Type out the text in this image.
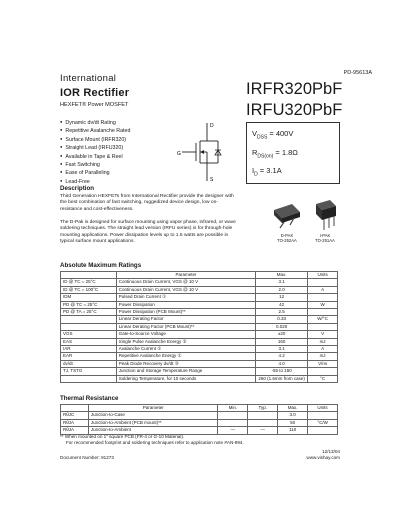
PD-95613A
International
IOR Rectifier
HEXFET® Power MOSFET
IRFR320PbF
IRFU320PbF
● Dynamic dv/dt Rating
● Repetitive Avalanche Rated
● Surface Mount (IRFR320)
● Straight Lead (IRFU320)
● Available in Tape & Reel
● Fast Switching
● Ease of Paralleling
● Lead-Free
G
D
S
$V_{DSS} = 400V$
$R_{DS(on)} = 1.8\Omega$
$I_D = 3.1A$
Description
Third Generation HEXFETs from International Rectifier provide the designer with the best combination of fast switching, ruggedized device design, low on-resistance and cost-effectiveness.
The D-Pak is designed for surface mounting using vapor phase, infrared, or wave soldering techniques. The straight lead version (IRFU series) is for through-hole mounting applications. Power dissipation levels up to 1.5 watts are possible in typical surface mount applications.
D-PAK
TO-252AA
I-PAK
TO-251AA
Absolute Maximum Ratings
	Parameter	Max.	Units
ID @ TC = 25°C	Continuous Drain Current, VGS @ 10 V	3.1	
ID @ TC = 100°C	Continuous Drain Current, VGS @ 10 V	2.0	A
IDM	Pulsed Drain Current ①	12	
PD @ TC = 25°C	Power Dissipation	42	W
PD @ TA = 25°C	Power Dissipation (PCB Mount)**	2.5	
	Linear Derating Factor	0.33	W/°C
	Linear Derating Factor (PCB Mount)**	0.020	
VGS	Gate-to-Source Voltage	±20	V
EAS	Single Pulse Avalanche Energy ②	160	mJ
IAR	Avalanche Current ①	3.1	A
EAR	Repetitive Avalanche Energy ①	4.2	mJ
dv/dt	Peak Diode Recovery dv/dt ③	4.0	V/ns
TJ, TSTG	Junction and Storage Temperature Range	-55 to 150	
	Soldering Temperature, for 10 seconds	260 (1.6mm from case)	°C
Thermal Resistance
	Parameter	Min.	Typ.	Max.	Units
RθJC	Junction-to-Case			3.0	
RθJA	Junction-to-Ambient (PCB mount)**			50	°C/W
RθJA	Junction-to-Ambient	—	—	110	
** When mounted on 1" square PCB (FR-4 or G-10 Material).
For recommended footprint and soldering techniques refer to application note #AN-994.
12/13/04
Document Number: 91273	www.vishay.com
